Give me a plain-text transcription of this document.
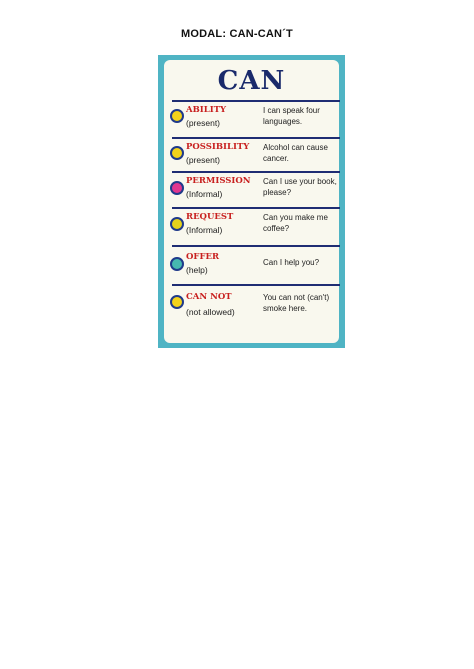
MODAL: CAN-CAN´T
CAN
ABILITY
(present)
I can speak four languages.
POSSIBILITY
(present)
Alcohol can cause cancer.
PERMISSION
(Informal)
Can I use your book, please?
REQUEST
(Informal)
Can you make me coffee?
OFFER
(help)
Can I help you?
CAN NOT
(not allowed)
You can not (can't) smoke here.
